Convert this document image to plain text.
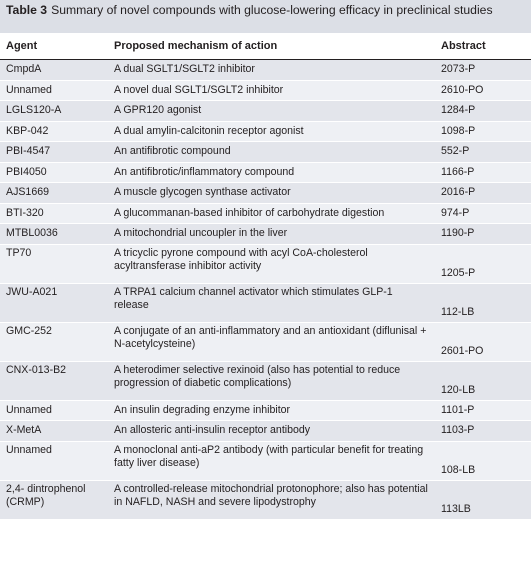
Table 3 Summary of novel compounds with glucose-lowering efficacy in preclinical studies
Agent	Proposed mechanism of action	Abstract
CmpdA	A dual SGLT1/SGLT2 inhibitor	2073-P
Unnamed	A novel dual SGLT1/SGLT2 inhibitor	2610-PO
LGLS120-A	A GPR120 agonist	1284-P
KBP-042	A dual amylin-calcitonin receptor agonist	1098-P
PBI-4547	An antifibrotic compound	552-P
PBI4050	An antifibrotic/inflammatory compound	1166-P
AJS1669	A muscle glycogen synthase activator	2016-P
BTI-320	A glucommanan-based inhibitor of carbohydrate digestion	974-P
MTBL0036	A mitochondrial uncoupler in the liver	1190-P
TP70	A tricyclic pyrone compound with acyl CoA-cholesterol acyltransferase inhibitor activity	1205-P
JWU-A021	A TRPA1 calcium channel activator which stimulates GLP-1 release	112-LB
GMC-252	A conjugate of an anti-inflammatory and an antioxidant (diflunisal + N-acetylcysteine)	2601-PO
CNX-013-B2	A heterodimer selective rexinoid (also has potential to reduce progression of diabetic complications)	120-LB
Unnamed	An insulin degrading enzyme inhibitor	1101-P
X-MetA	An allosteric anti-insulin receptor antibody	1103-P
Unnamed	A monoclonal anti-aP2 antibody (with particular benefit for treating fatty liver disease)	108-LB
2,4- dintrophenol (CRMP)	A controlled-release mitochondrial protonophore; also has potential in NAFLD, NASH and severe lipodystrophy	113LB
